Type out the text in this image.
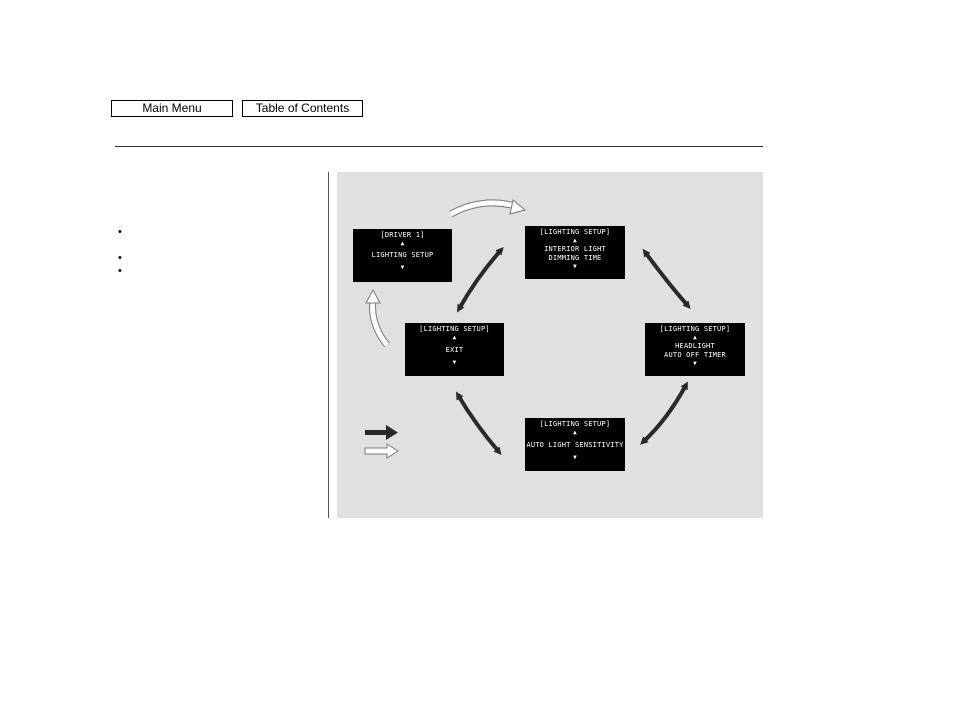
Main Menu	Table of Contents
•
•
•
[DRIVER 1]
▲
LIGHTING SETUP
▼
[LIGHTING SETUP]
▲
INTERIOR LIGHT
DIMMING TIME
▼
[LIGHTING SETUP]
▲
HEADLIGHT
AUTO OFF TIMER
▼
[LIGHTING SETUP]
▲
AUTO LIGHT SENSITIVITY
▼
[LIGHTING SETUP]
▲
EXIT
▼
